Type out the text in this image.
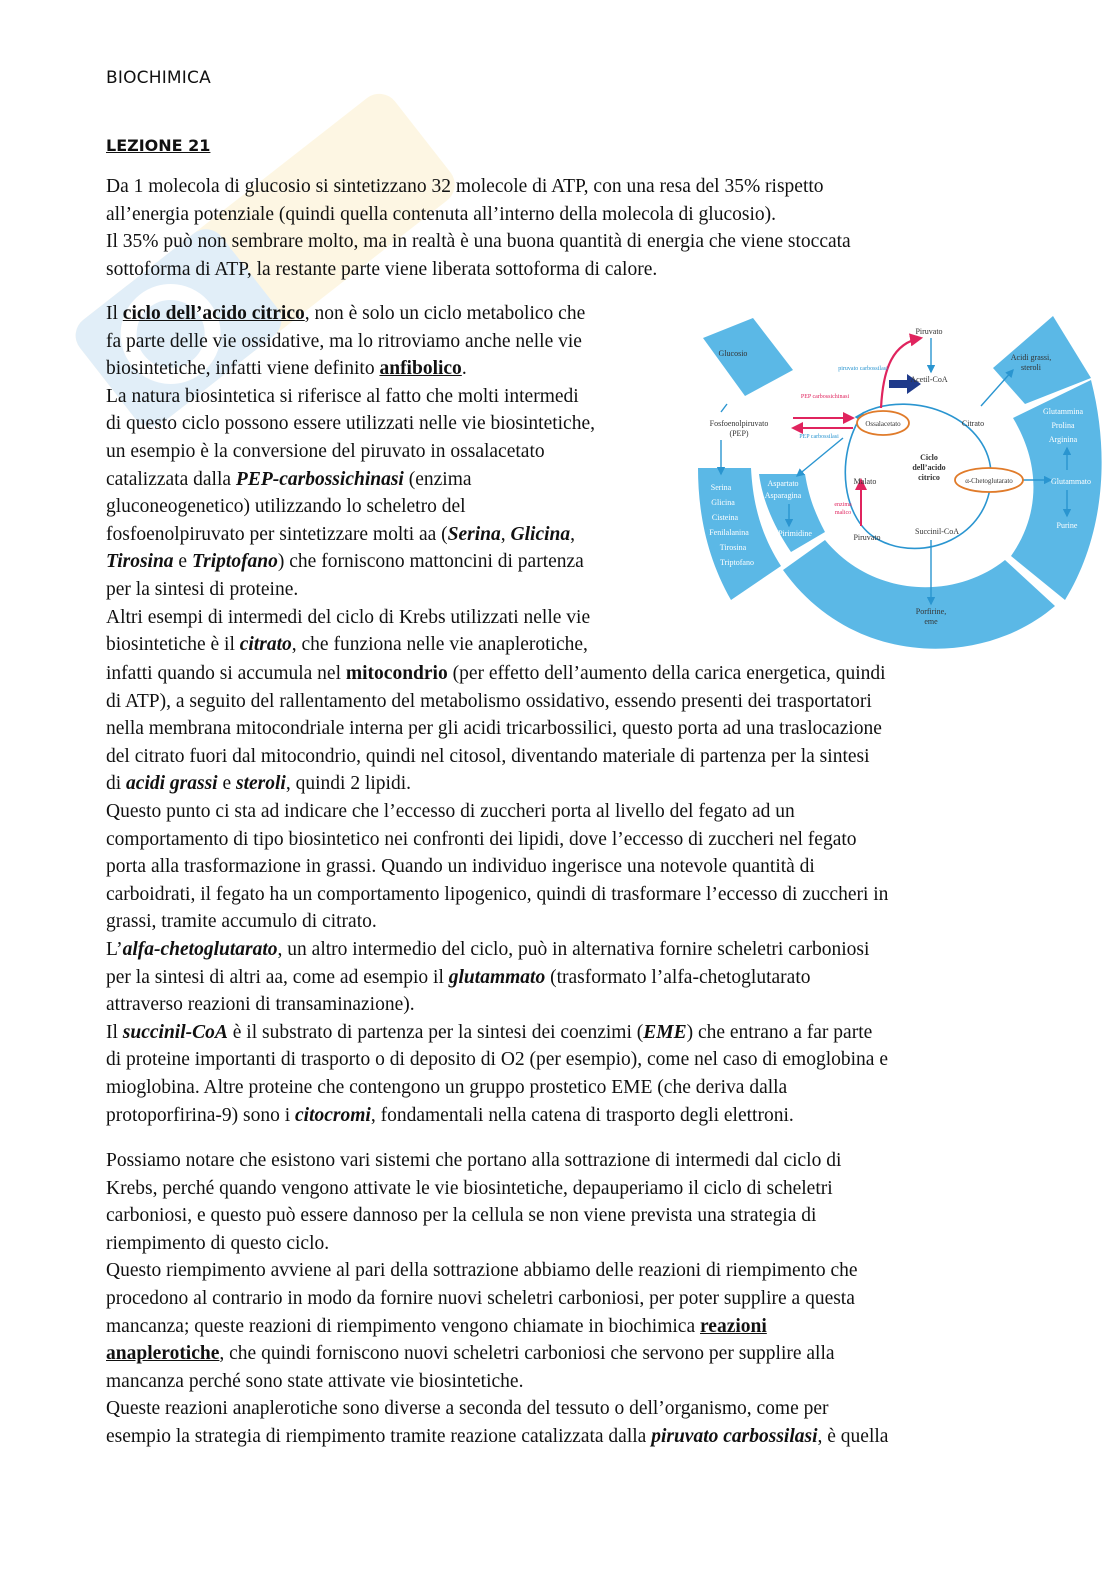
BIOCHIMICA
LEZIONE 21

Da 1 molecola di glucosio si sintetizzano 32 molecole di ATP, con una resa del 35% rispetto

all’energia potenziale (quindi quella contenuta all’interno della molecola di glucosio).

Il 35% può non sembrare molto, ma in realtà è una buona quantità di energia che viene stoccata

sottoforma di ATP, la restante parte viene liberata sottoforma di calore.

Il ciclo dell’acido citrico, non è solo un ciclo metabolico che

fa parte delle vie ossidative, ma lo ritroviamo anche nelle vie

biosintetiche, infatti viene definito anfibolico.

La natura biosintetica si riferisce al fatto che molti intermedi

di questo ciclo possono essere utilizzati nelle vie biosintetiche,

un esempio è la conversione del piruvato in ossalacetato

catalizzata dalla PEP-carbossichinasi (enzima

gluconeogenetico) utilizzando lo scheletro del

fosfoenolpiruvato per sintetizzare molti aa (Serina, Glicina,

Tirosina e Triptofano) che forniscono mattoncini di partenza

per la sintesi di proteine.

Altri esempi di intermedi del ciclo di Krebs utilizzati nelle vie

biosintetiche è il citrato, che funziona nelle vie anaplerotiche,

infatti quando si accumula nel mitocondrio (per effetto dell’aumento della carica energetica, quindi

di ATP), a seguito del rallentamento del metabolismo ossidativo, essendo presenti dei trasportatori

nella membrana mitocondriale interna per gli acidi tricarbossilici, questo porta ad una traslocazione

del citrato fuori dal mitocondrio, quindi nel citosol, diventando materiale di partenza per la sintesi

di acidi grassi e steroli, quindi 2 lipidi.

Questo punto ci sta ad indicare che l’eccesso di zuccheri porta al livello del fegato ad un

comportamento di tipo biosintetico nei confronti dei lipidi, dove l’eccesso di zuccheri nel fegato

porta alla trasformazione in grassi. Quando un individuo ingerisce una notevole quantità di

carboidrati, il fegato ha un comportamento lipogenico, quindi di trasformare l’eccesso di zuccheri in

grassi, tramite accumulo di citrato.

L’alfa-chetoglutarato, un altro intermedio del ciclo, può in alternativa fornire scheletri carboniosi

per la sintesi di altri aa, come ad esempio il glutammato (trasformato l’alfa-chetoglutarato

attraverso reazioni di transaminazione).

Il succinil-CoA è il substrato di partenza per la sintesi dei coenzimi (EME) che entrano a far parte

di proteine importanti di trasporto o di deposito di O2 (per esempio), come nel caso di emoglobina e

mioglobina. Altre proteine che contengono un gruppo prostetico EME (che deriva dalla

protoporfirina-9) sono i citocromi, fondamentali nella catena di trasporto degli elettroni.

Possiamo notare che esistono vari sistemi che portano alla sottrazione di intermedi dal ciclo di

Krebs, perché quando vengono attivate le vie biosintetiche, depauperiamo il ciclo di scheletri

carboniosi, e questo può essere dannoso per la cellula se non viene prevista una strategia di

riempimento di questo ciclo.

Questo riempimento avviene al pari della sottrazione abbiamo delle reazioni di riempimento che

procedono al contrario in modo da fornire nuovi scheletri carboniosi, per poter supplire a questa

mancanza; queste reazioni di riempimento vengono chiamate in biochimica reazioni

anaplerotiche, che quindi forniscono nuovi scheletri carboniosi che servono per supplire alla

mancanza perché sono state attivate vie biosintetiche.

Queste reazioni anaplerotiche sono diverse a seconda del tessuto o dell’organismo, come per

esempio la strategia di riempimento tramite reazione catalizzata dalla piruvato carbossilasi, è quella

Glucosio
Piruvato
piruvato carbossilasi
Acetil-CoA
Acidi grassi,
steroli
PEP carbossichinasi
PEP carbossilasi
Fosfoenolpiruvato
(PEP)
Ossalacetato	Citrato
Ciclo
dell’acido
citrico
Glutammina
Prolina
Arginina
α-Chetoglutarato	Glutammato
Malato
Aspartato
Asparagina
Serina
Glicina
Cisteina
Fenilalanina
Tirosina
Triptofano
enzima
malico
Pirimidine
Purine
Piruvato
Succinil-CoA
Porfirine,
eme
